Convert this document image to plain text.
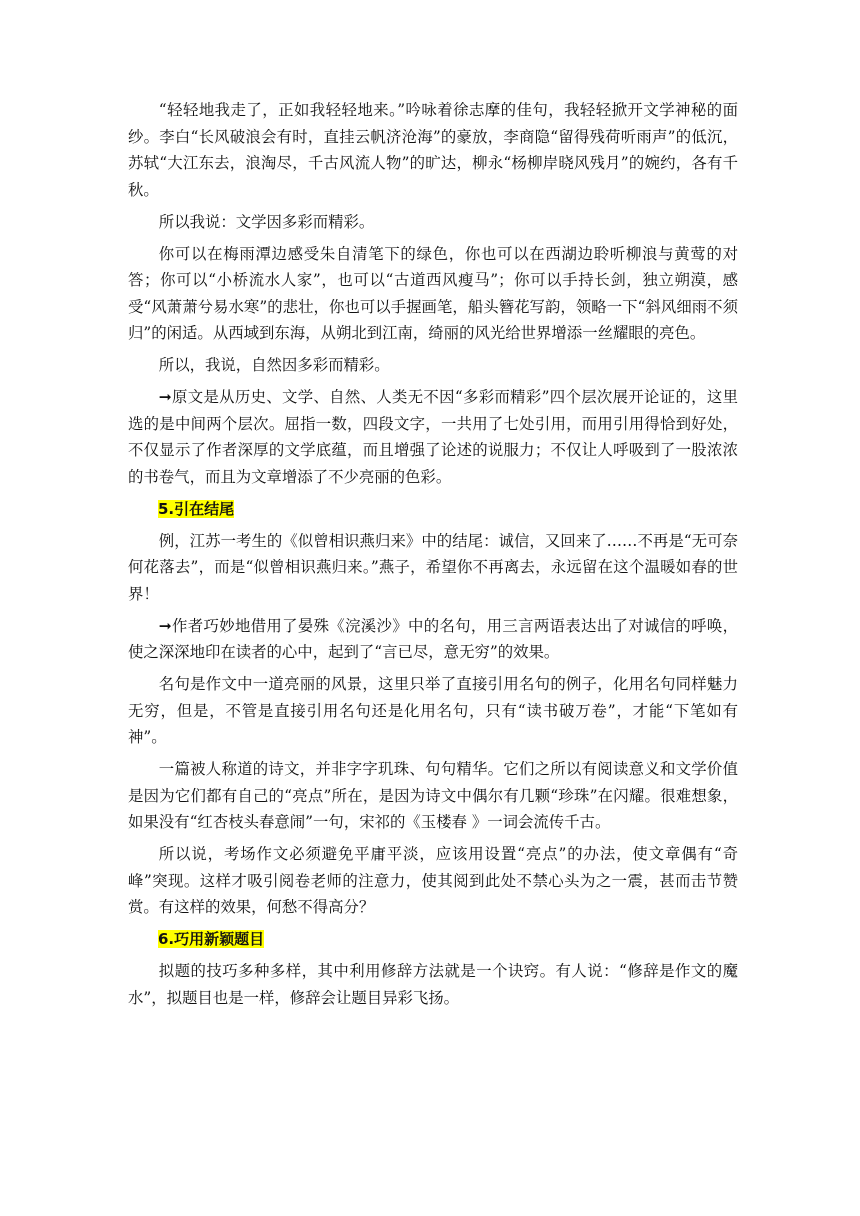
“轻轻地我走了，正如我轻轻地来。”吟咏着徐志摩的佳句，我轻轻掀开文学神秘的面纱。李白“长风破浪会有时，直挂云帆济沧海”的豪放，李商隐“留得残荷听雨声”的低沉，苏轼“大江东去，浪淘尽，千古风流人物”的旷达，柳永“杨柳岸晓风残月”的婉约，各有千秋。

所以我说：文学因多彩而精彩。

你可以在梅雨潭边感受朱自清笔下的绿色，你也可以在西湖边聆听柳浪与黄莺的对答；你可以“小桥流水人家”，也可以“古道西风瘦马”；你可以手持长剑，独立朔漠，感受“风萧萧兮易水寒”的悲壮，你也可以手握画笔，船头簪花写韵，领略一下“斜风细雨不须归”的闲适。从西域到东海，从朔北到江南，绮丽的风光给世界增添一丝耀眼的亮色。

所以，我说，自然因多彩而精彩。

➞原文是从历史、文学、自然、人类无不因“多彩而精彩”四个层次展开论证的，这里选的是中间两个层次。屈指一数，四段文字，一共用了七处引用，而用引用得恰到好处，不仅显示了作者深厚的文学底蕴，而且增强了论述的说服力；不仅让人呼吸到了一股浓浓的书卷气，而且为文章增添了不少亮丽的色彩。

5.引在结尾

例，江苏一考生的《似曾相识燕归来》中的结尾：诚信，又回来了……不再是“无可奈何花落去”，而是“似曾相识燕归来。”燕子，希望你不再离去，永远留在这个温暖如春的世界！

➞作者巧妙地借用了晏殊《浣溪沙》中的名句，用三言两语表达出了对诚信的呼唤，使之深深地印在读者的心中，起到了“言已尽，意无穷”的效果。

名句是作文中一道亮丽的风景，这里只举了直接引用名句的例子，化用名句同样魅力无穷，但是，不管是直接引用名句还是化用名句，只有“读书破万卷”，才能“下笔如有神”。

一篇被人称道的诗文，并非字字玑珠、句句精华。它们之所以有阅读意义和文学价值是因为它们都有自己的“亮点”所在，是因为诗文中偶尔有几颗“珍珠”在闪耀。很难想象，如果没有“红杏枝头春意闹”一句，宋祁的《玉楼春 》一词会流传千古。

所以说，考场作文必须避免平庸平淡，应该用设置“亮点”的办法，使文章偶有“奇峰”突现。这样才吸引阅卷老师的注意力，使其阅到此处不禁心头为之一震，甚而击节赞赏。有这样的效果，何愁不得高分？

6.巧用新颖题目

拟题的技巧多种多样，其中利用修辞方法就是一个诀窍。有人说：“修辞是作文的魔水”，拟题目也是一样，修辞会让题目异彩飞扬。
